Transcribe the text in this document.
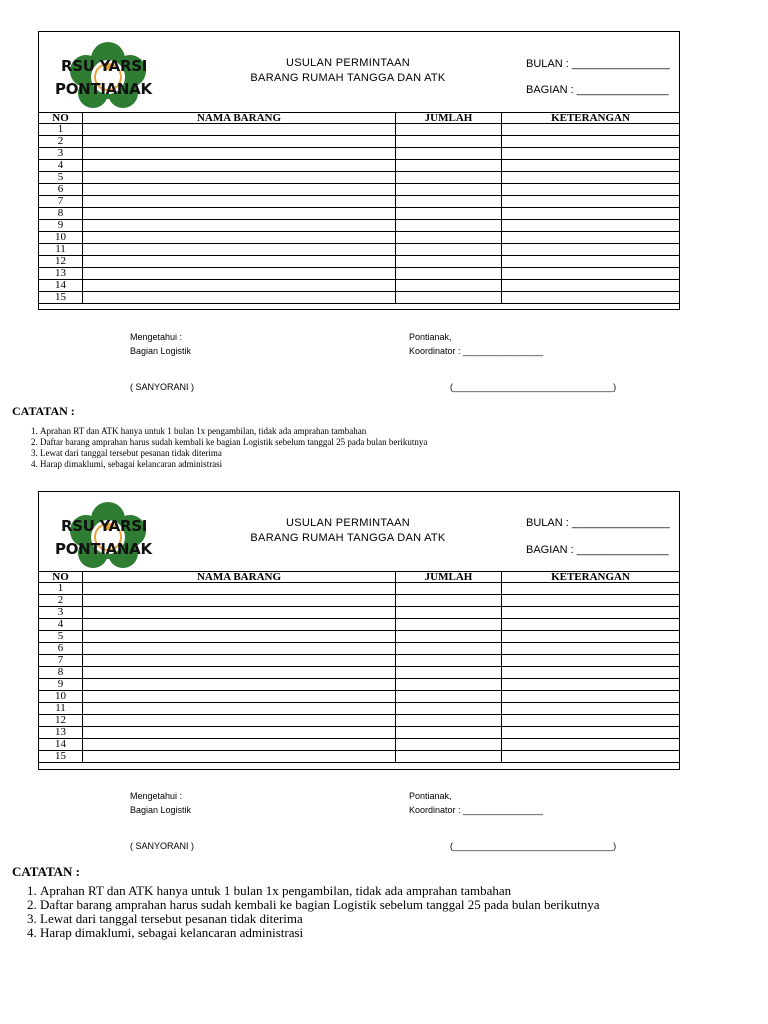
RSU YARSI
PONTIANAK
USULAN PERMINTAAN
BARANG RUMAH TANGGA DAN ATK
BULAN : ________________
BAGIAN : _______________
NO	NAMA BARANG	JUMLAH	KETERANGAN
1			
2			
3			
4			
5			
6			
7			
8			
9			
10			
11			
12			
13			
14			
15			
Mengetahui :
Bagian Logistik
Pontianak,
Koordinator : ________________
( SANYORANI )	(________________________________)
CATATAN :
1. Aprahan RT dan ATK hanya untuk 1 bulan 1x pengambilan, tidak ada amprahan tambahan
2. Daftar barang amprahan harus sudah kembali ke bagian Logistik sebelum tanggal 25 pada bulan berikutnya
3. Lewat dari tanggal tersebut pesanan tidak diterima
4. Harap dimaklumi, sebagai kelancaran administrasi
RSU YARSI
PONTIANAK
USULAN PERMINTAAN
BARANG RUMAH TANGGA DAN ATK
BULAN : ________________
BAGIAN : _______________
NO	NAMA BARANG	JUMLAH	KETERANGAN
1			
2			
3			
4			
5			
6			
7			
8			
9			
10			
11			
12			
13			
14			
15			
Mengetahui :
Bagian Logistik
Pontianak,
Koordinator : ________________
( SANYORANI )	(________________________________)
CATATAN :
1. Aprahan RT dan ATK hanya untuk 1 bulan 1x pengambilan, tidak ada amprahan tambahan
2. Daftar barang amprahan harus sudah kembali ke bagian Logistik sebelum tanggal 25 pada bulan berikutnya
3. Lewat dari tanggal tersebut pesanan tidak diterima
4. Harap dimaklumi, sebagai kelancaran administrasi
